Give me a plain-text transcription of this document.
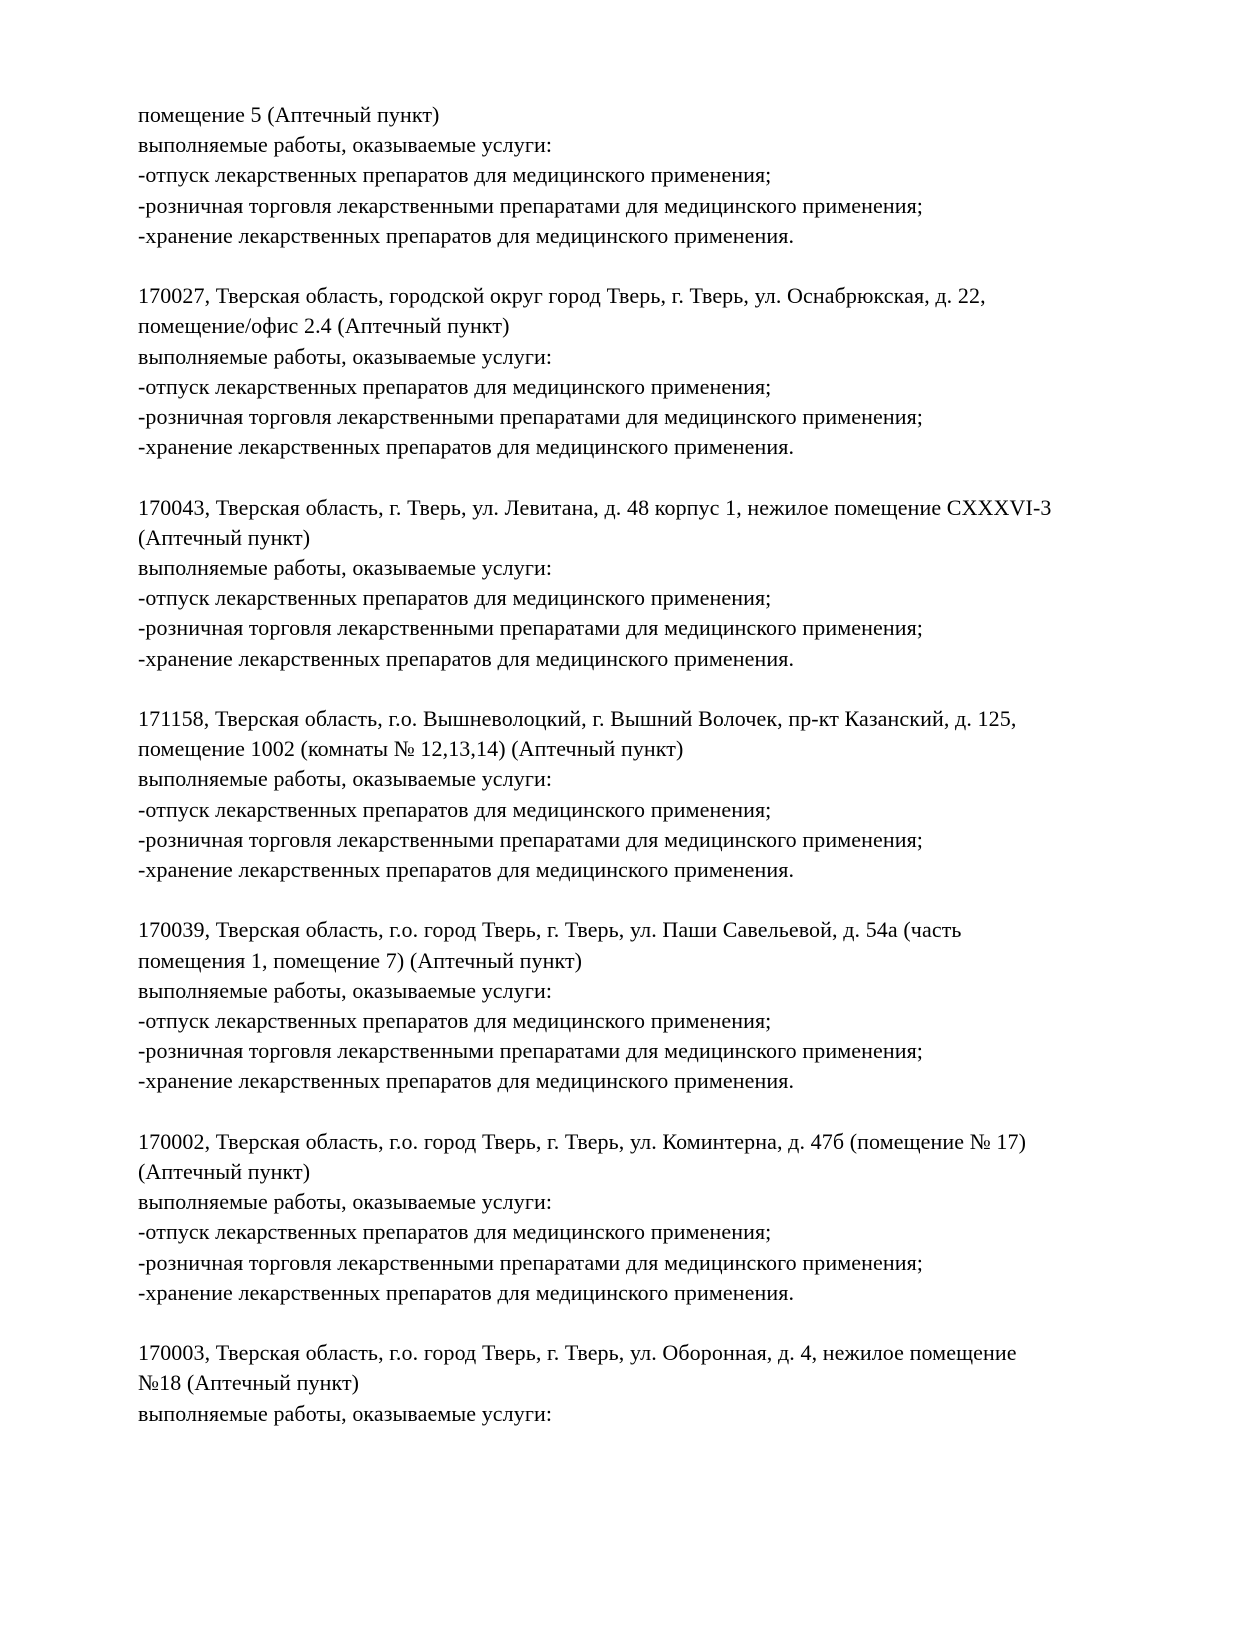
помещение 5 (Аптечный пункт)
выполняемые работы, оказываемые услуги:
-отпуск лекарственных препаратов для медицинского применения;
-розничная торговля лекарственными препаратами для медицинского применения;
-хранение лекарственных препаратов для медицинского применения.
170027, Тверская область, городской округ город Тверь, г. Тверь, ул. Оснабрюкская, д. 22,
помещение/офис 2.4 (Аптечный пункт)
выполняемые работы, оказываемые услуги:
-отпуск лекарственных препаратов для медицинского применения;
-розничная торговля лекарственными препаратами для медицинского применения;
-хранение лекарственных препаратов для медицинского применения.
170043, Тверская область, г. Тверь, ул. Левитана, д. 48 корпус 1, нежилое помещение CXXXVI-3
(Аптечный пункт)
выполняемые работы, оказываемые услуги:
-отпуск лекарственных препаратов для медицинского применения;
-розничная торговля лекарственными препаратами для медицинского применения;
-хранение лекарственных препаратов для медицинского применения.
171158, Тверская область, г.о. Вышневолоцкий, г. Вышний Волочек, пр-кт Казанский, д. 125,
помещение 1002 (комнаты № 12,13,14) (Аптечный пункт)
выполняемые работы, оказываемые услуги:
-отпуск лекарственных препаратов для медицинского применения;
-розничная торговля лекарственными препаратами для медицинского применения;
-хранение лекарственных препаратов для медицинского применения.
170039, Тверская область, г.о. город Тверь, г. Тверь, ул. Паши Савельевой, д. 54а (часть
помещения 1, помещение 7) (Аптечный пункт)
выполняемые работы, оказываемые услуги:
-отпуск лекарственных препаратов для медицинского применения;
-розничная торговля лекарственными препаратами для медицинского применения;
-хранение лекарственных препаратов для медицинского применения.
170002, Тверская область, г.о. город Тверь, г. Тверь, ул. Коминтерна, д. 47б (помещение № 17)
(Аптечный пункт)
выполняемые работы, оказываемые услуги:
-отпуск лекарственных препаратов для медицинского применения;
-розничная торговля лекарственными препаратами для медицинского применения;
-хранение лекарственных препаратов для медицинского применения.
170003, Тверская область, г.о. город Тверь, г. Тверь, ул. Оборонная, д. 4, нежилое помещение
№18 (Аптечный пункт)
выполняемые работы, оказываемые услуги:
